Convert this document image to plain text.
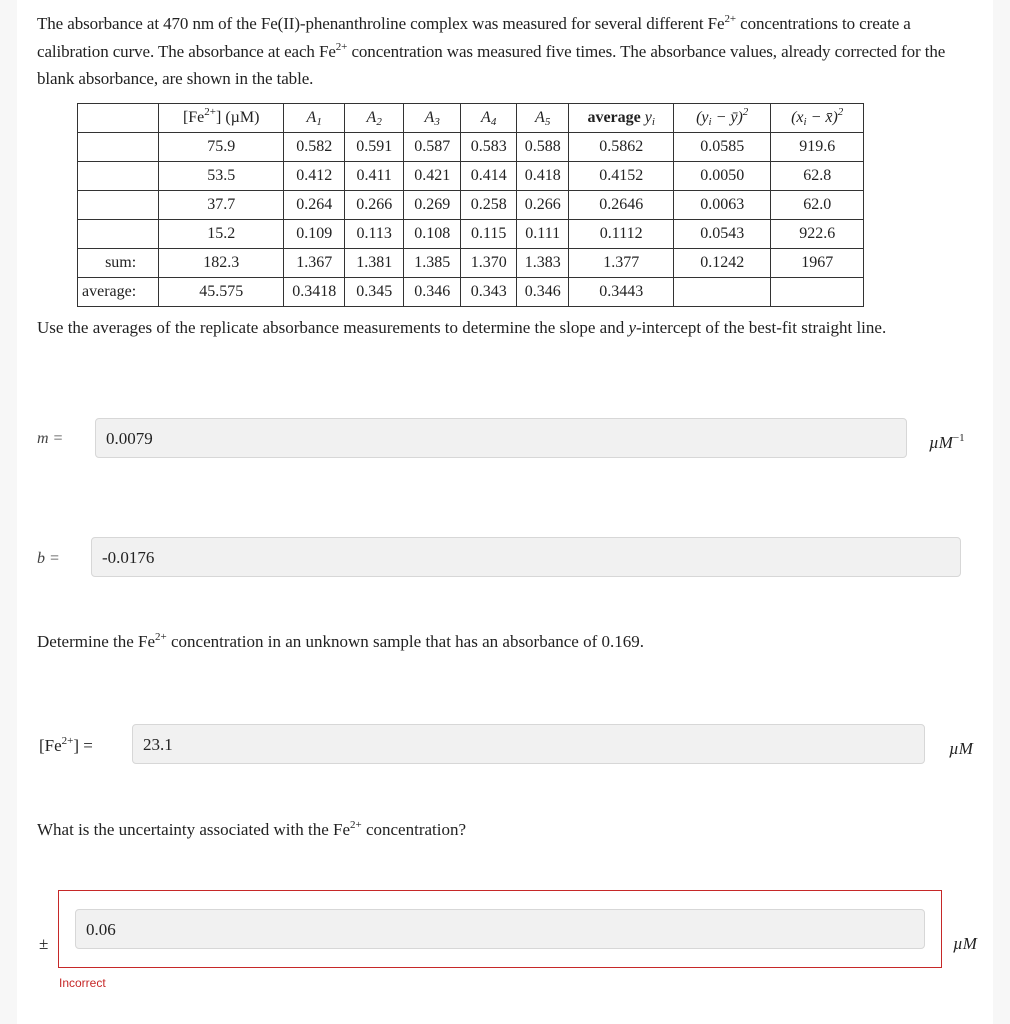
The absorbance at 470 nm of the Fe(II)-phenanthroline complex was measured for several different $Fe^{2+}$ concentrations to create a calibration curve. The absorbance at each $Fe^{2+}$ concentration was measured five times. The absorbance values, already corrected for the blank absorbance, are shown in the table.
	$[Fe^{2+}]$ (µM)	$A_1$	$A_2$	$A_3$	$A_4$	$A_5$	average $y_i$	($y_i$ − ȳ)$^2$	($x_i$ − x̄)$^2$
	75.9	0.582	0.591	0.587	0.583	0.588	0.5862	0.0585	919.6
	53.5	0.412	0.411	0.421	0.414	0.418	0.4152	0.0050	62.8
	37.7	0.264	0.266	0.269	0.258	0.266	0.2646	0.0063	62.0
	15.2	0.109	0.113	0.108	0.115	0.111	0.1112	0.0543	922.6
sum:	182.3	1.367	1.381	1.385	1.370	1.383	1.377	0.1242	1967
average:	45.575	0.3418	0.345	0.346	0.343	0.346	0.3443		
Use the averages of the replicate absorbance measurements to determine the slope and y-intercept of the best-fit straight line.
m =	0.0079	µM$^{-1}$
b =	-0.0176
Determine the $Fe^{2+}$ concentration in an unknown sample that has an absorbance of 0.169.
$[Fe^{2+}]$ =	23.1	µM
What is the uncertainty associated with the $Fe^{2+}$ concentration?
±
0.06
µM
Incorrect
